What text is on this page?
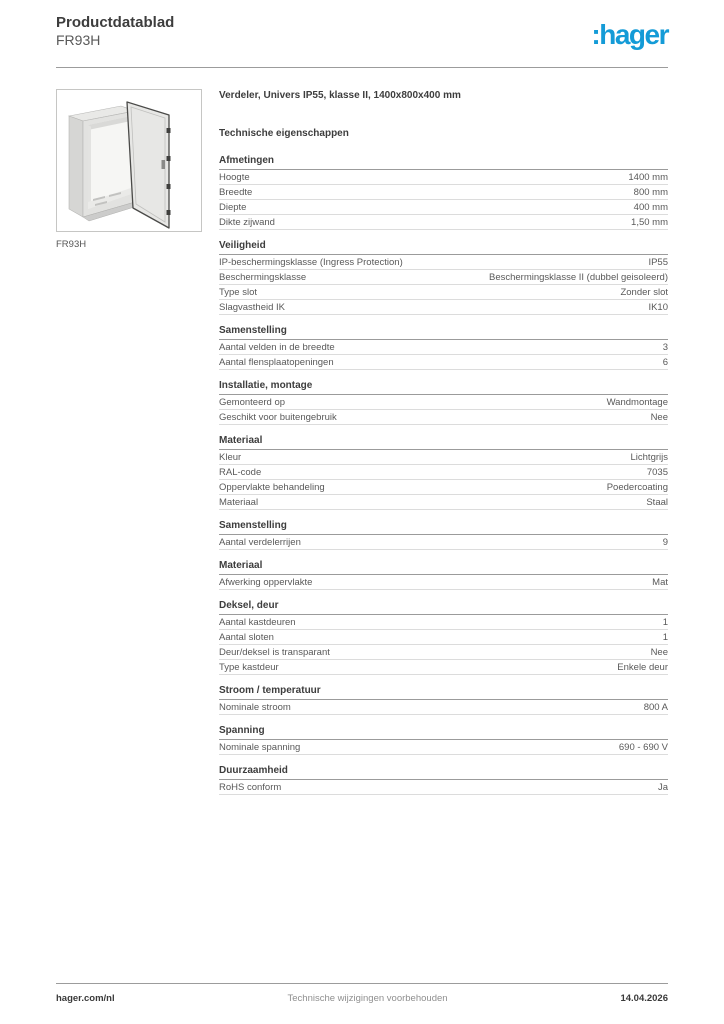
Productdatablad
FR93H	:hager
FR93H
Verdeler, Univers IP55, klasse II, 1400x800x400 mm
Technische eigenschappen
Afmetingen
Hoogte	1400 mm
Breedte	800 mm
Diepte	400 mm
Dikte zijwand	1,50 mm
Veiligheid
IP-beschermingsklasse (Ingress Protection)	IP55
Beschermingsklasse	Beschermingsklasse II (dubbel geisoleerd)
Type slot	Zonder slot
Slagvastheid IK	IK10
Samenstelling
Aantal velden in de breedte	3
Aantal flensplaatopeningen	6
Installatie, montage
Gemonteerd op	Wandmontage
Geschikt voor buitengebruik	Nee
Materiaal
Kleur	Lichtgrijs
RAL-code	7035
Oppervlakte behandeling	Poedercoating
Materiaal	Staal
Samenstelling
Aantal verdelerrijen	9
Materiaal
Afwerking oppervlakte	Mat
Deksel, deur
Aantal kastdeuren	1
Aantal sloten	1
Deur/deksel is transparant	Nee
Type kastdeur	Enkele deur
Stroom / temperatuur
Nominale stroom	800 A
Spanning
Nominale spanning	690 - 690 V
Duurzaamheid
RoHS conform	Ja
hager.com/nl	Technische wijzigingen voorbehouden	14.04.2026
